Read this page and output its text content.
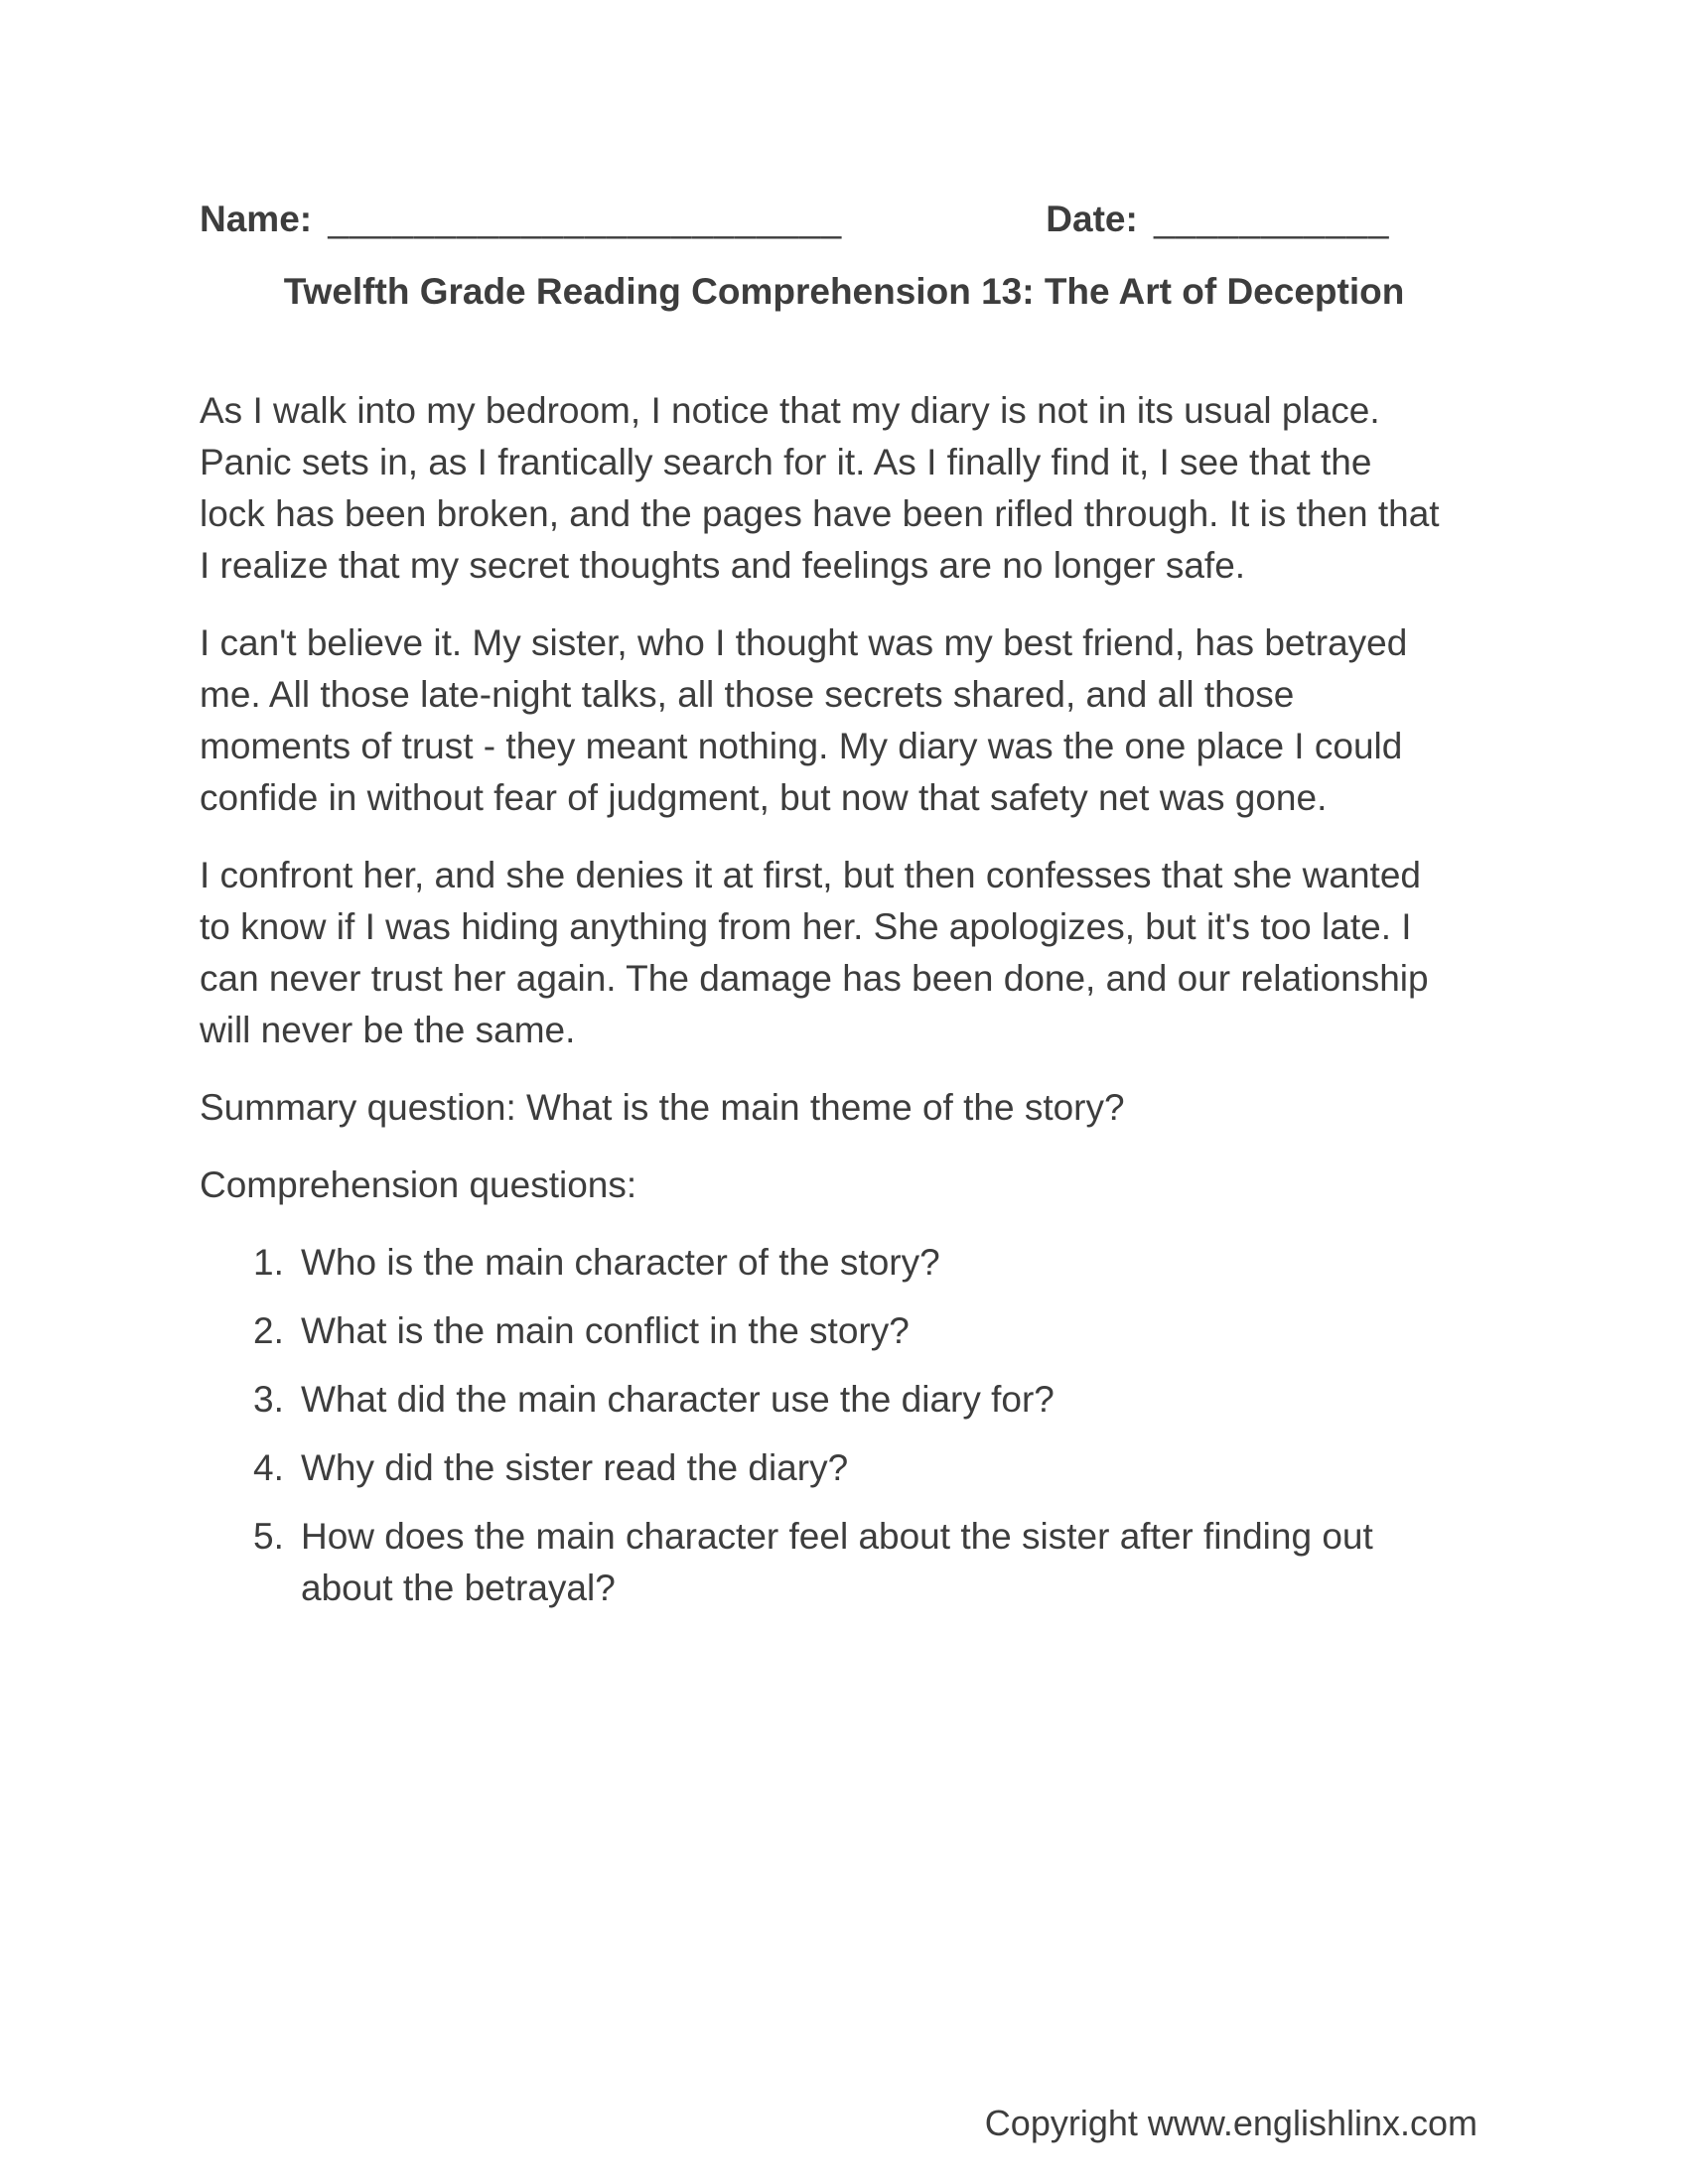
Name: ________________________	Date: ___________
Twelfth Grade Reading Comprehension 13: The Art of Deception

As I walk into my bedroom, I notice that my diary is not in its usual place. Panic sets in, as I frantically search for it. As I finally find it, I see that the lock has been broken, and the pages have been rifled through. It is then that I realize that my secret thoughts and feelings are no longer safe.

I can't believe it. My sister, who I thought was my best friend, has betrayed me. All those late-night talks, all those secrets shared, and all those moments of trust - they meant nothing. My diary was the one place I could confide in without fear of judgment, but now that safety net was gone.

I confront her, and she denies it at first, but then confesses that she wanted to know if I was hiding anything from her. She apologizes, but it's too late. I can never trust her again. The damage has been done, and our relationship will never be the same.

Summary question: What is the main theme of the story?

Comprehension questions:

1. Who is the main character of the story?
2. What is the main conflict in the story?
3. What did the main character use the diary for?
4. Why did the sister read the diary?
5. How does the main character feel about the sister after finding out about the betrayal?
Copyright www.englishlinx.com
